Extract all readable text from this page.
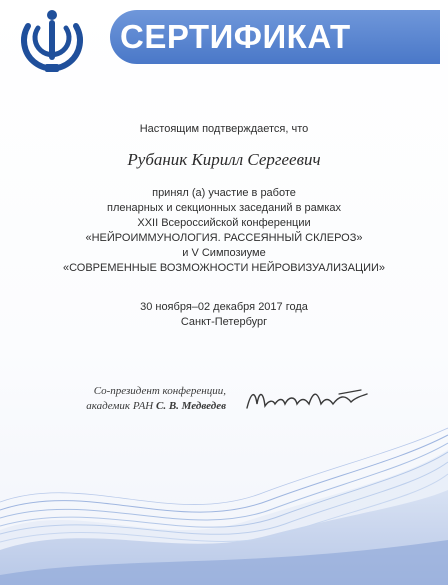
СЕРТИФИКАТ
Настоящим подтверждается, что
Рубаник Кирилл Сергеевич
принял (а) участие в работе
пленарных и секционных заседаний в рамках
XXII Всероссийской конференции
«НЕЙРОИММУНОЛОГИЯ. РАССЕЯННЫЙ СКЛЕРОЗ»
и V Симпозиуме
«СОВРЕМЕННЫЕ ВОЗМОЖНОСТИ НЕЙРОВИЗУАЛИЗАЦИИ»
30 ноября–02 декабря 2017 года
Санкт-Петербург
Со-президент конференции,
академик РАН С. В. Медведев
